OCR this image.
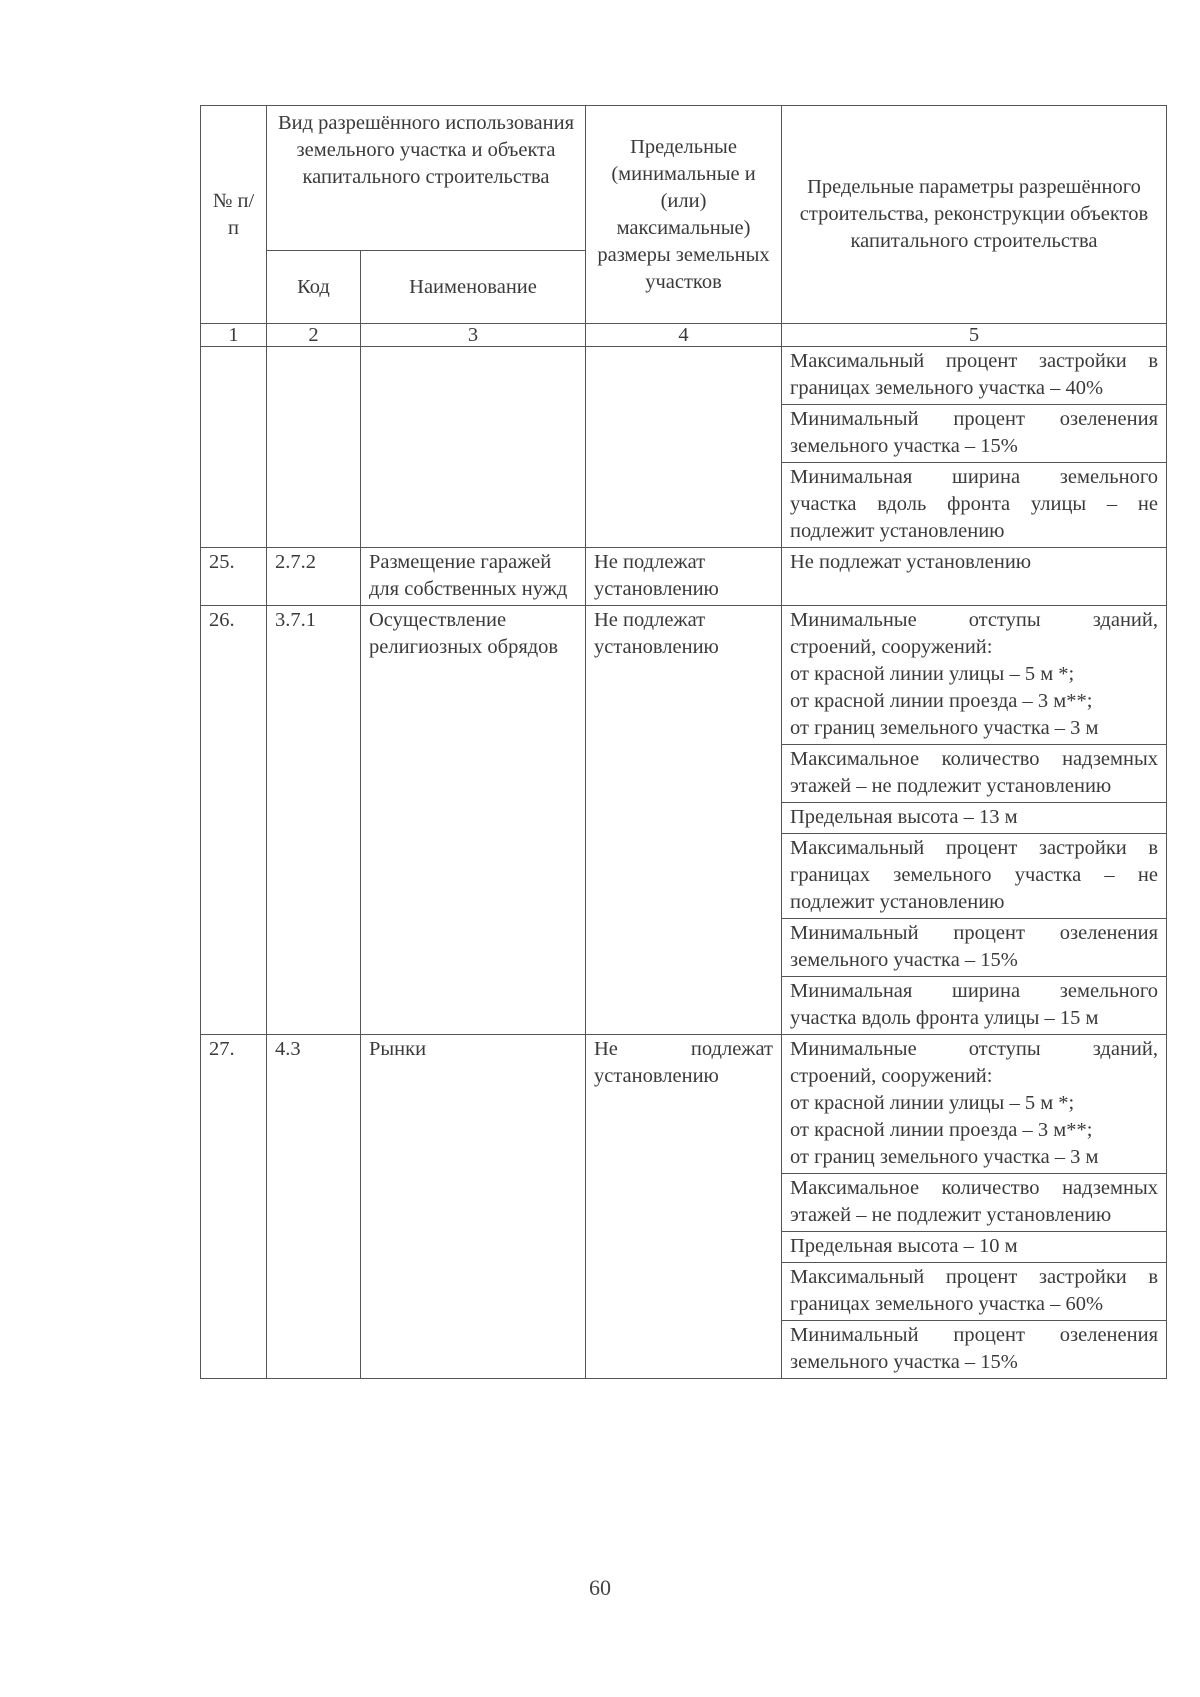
№ п/п	Вид разрешённого использования земельного участка и объекта капитального строительства		Предельные (минимальные и (или) максимальные) размеры земельных участков	Предельные параметры разрешённого строительства, реконструкции объектов капитального строительства
	Код	Наименование		
1	2	3	4	5
				Максимальный процент застройки в границах земельного участка – 40%
				Минимальный процент озеленения земельного участка – 15%
				Минимальная ширина земельного участка вдоль фронта улицы – не подлежит установлению
25.	2.7.2	Размещение гаражей для собственных нужд	Не подлежат установлению	Не подлежат установлению
26.	3.7.1	Осуществление религиозных обрядов	Не подлежат установлению	Минимальные отступы зданий,
строений, сооружений:
от красной линии улицы – 5 м *;
от красной линии проезда – 3 м**;
от границ земельного участка – 3 м

				Максимальное количество надземных этажей – не подлежит установлению
				Предельная высота – 13 м
				Максимальный процент застройки в границах земельного участка – не подлежит установлению
				Минимальный процент озеленения земельного участка – 15%
				Минимальная ширина земельного участка вдоль фронта улицы – 15 м
27.	4.3	Рынки	Не подлежат установлению	Минимальные отступы зданий,
строений, сооружений:
от красной линии улицы – 5 м *;
от красной линии проезда – 3 м**;
от границ земельного участка – 3 м

				Максимальное количество надземных этажей – не подлежит установлению
				Предельная высота – 10 м
				Максимальный процент застройки в границах земельного участка – 60%
				Минимальный процент озеленения земельного участка – 15%
60
